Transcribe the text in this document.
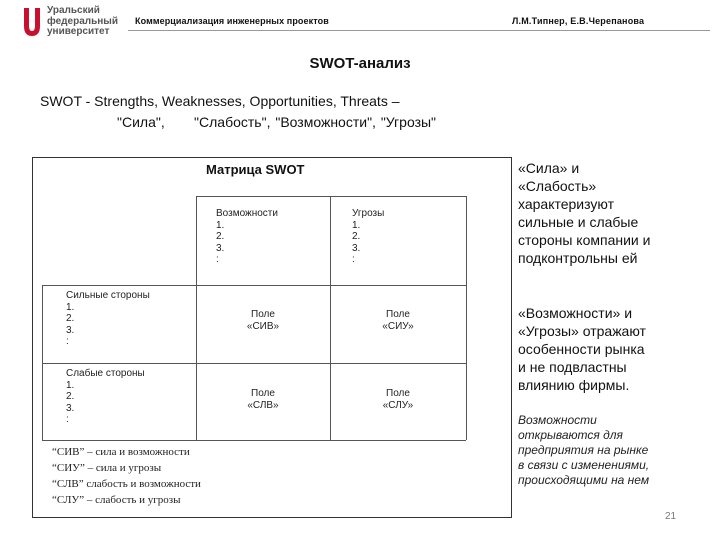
Уральский
федеральный
университет
Коммерциализация инженерных проектов	Л.М.Типнер, Е.В.Черепанова
SWOT-анализ
SWOT - Strengths, Weaknesses, Opportunities, Threats –
"Сила",      "Слабость", "Возможности", "Угрозы"
Матрица SWOT
Возможности
1.
2.
3.
:
Угрозы
1.
2.
3.
:
Сильные стороны
1.
2.
3.
:
Слабые стороны
1.
2.
3.
:
Поле
«СИВ»
Поле
«СИУ»
Поле
«СЛВ»
Поле
«СЛУ»
“СИВ” – сила и возможности
“СИУ” – сила и угрозы
“СЛВ” слабость и возможности
“СЛУ” – слабость и угрозы
«Сила» и
«Слабость»
характеризуют
сильные и слабые
стороны компании и
подконтрольны ей
«Возможности» и
«Угрозы» отражают
особенности рынка
и не подвластны
влиянию фирмы.
Возможности
открываются для
предприятия на рынке
в связи с изменениями,
происходящими на нем
21
